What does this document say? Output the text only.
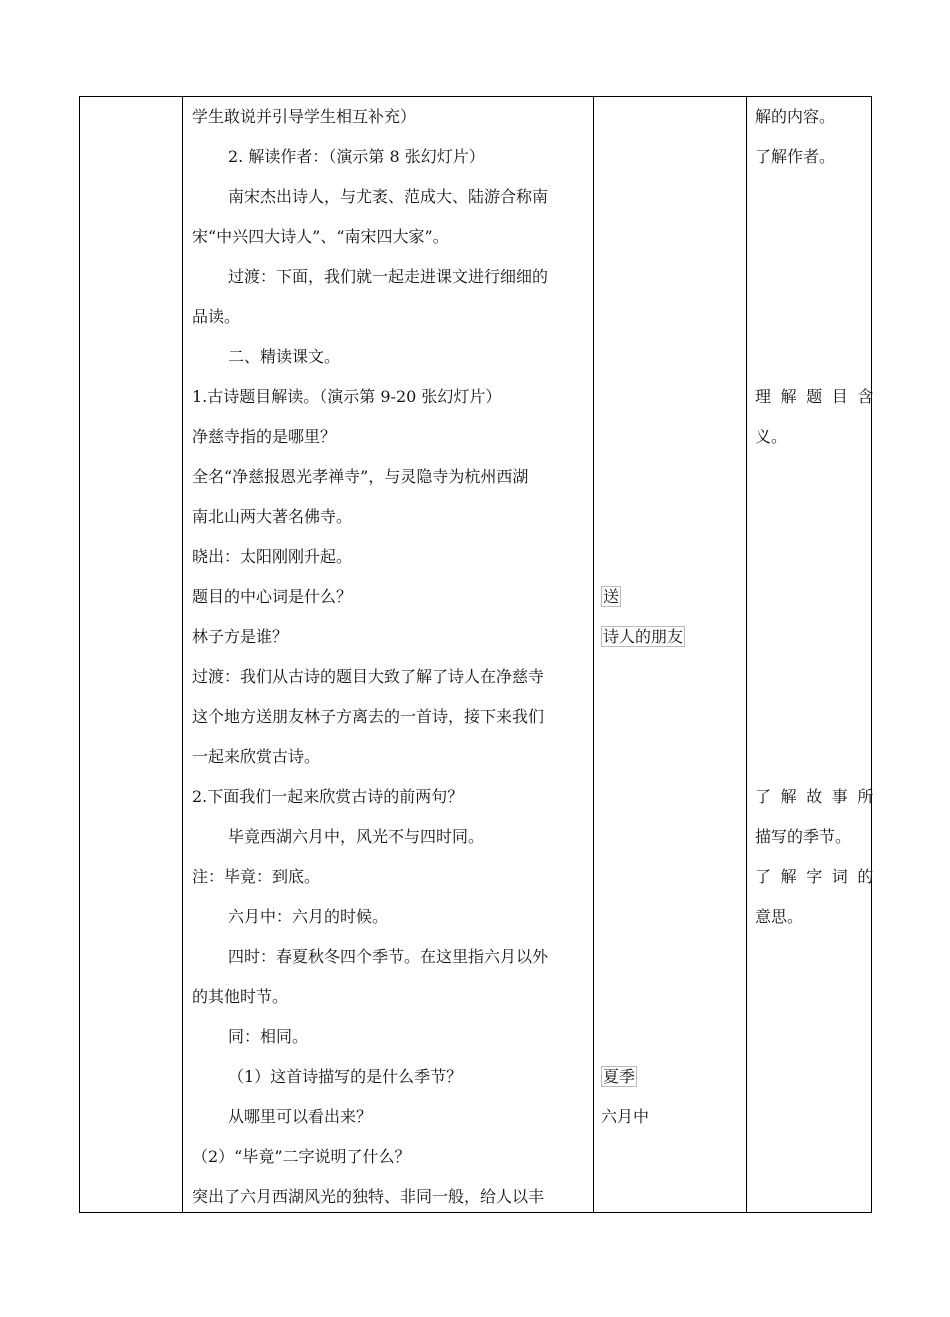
学生敢说并引导学生相互补充）
2. 解读作者：（演示第 8 张幻灯片）
南宋杰出诗人，与尤袤、范成大、陆游合称南
宋“中兴四大诗人”、“南宋四大家”。
过渡：下面，我们就一起走进课文进行细细的
品读。
二、精读课文。
1.古诗题目解读。（演示第 9-20 张幻灯片）
净慈寺指的是哪里？
全名“净慈报恩光孝禅寺”，与灵隐寺为杭州西湖
南北山两大著名佛寺。
晓出：太阳刚刚升起。
题目的中心词是什么？
林子方是谁？
过渡：我们从古诗的题目大致了解了诗人在净慈寺
这个地方送朋友林子方离去的一首诗，接下来我们
一起来欣赏古诗。
2.下面我们一起来欣赏古诗的前两句？
毕竟西湖六月中，风光不与四时同。
注：毕竟：到底。
六月中：六月的时候。
四时：春夏秋冬四个季节。在这里指六月以外
的其他时节。
同：相同。
（1）这首诗描写的是什么季节？
从哪里可以看出来？
（2）“毕竟”二字说明了什么？
突出了六月西湖风光的独特、非同一般，给人以丰
送
诗人的朋友
夏季
六月中
解的内容。
了解作者。
理解题目含
义。
了解故事所
描写的季节。
了解字词的
意思。
